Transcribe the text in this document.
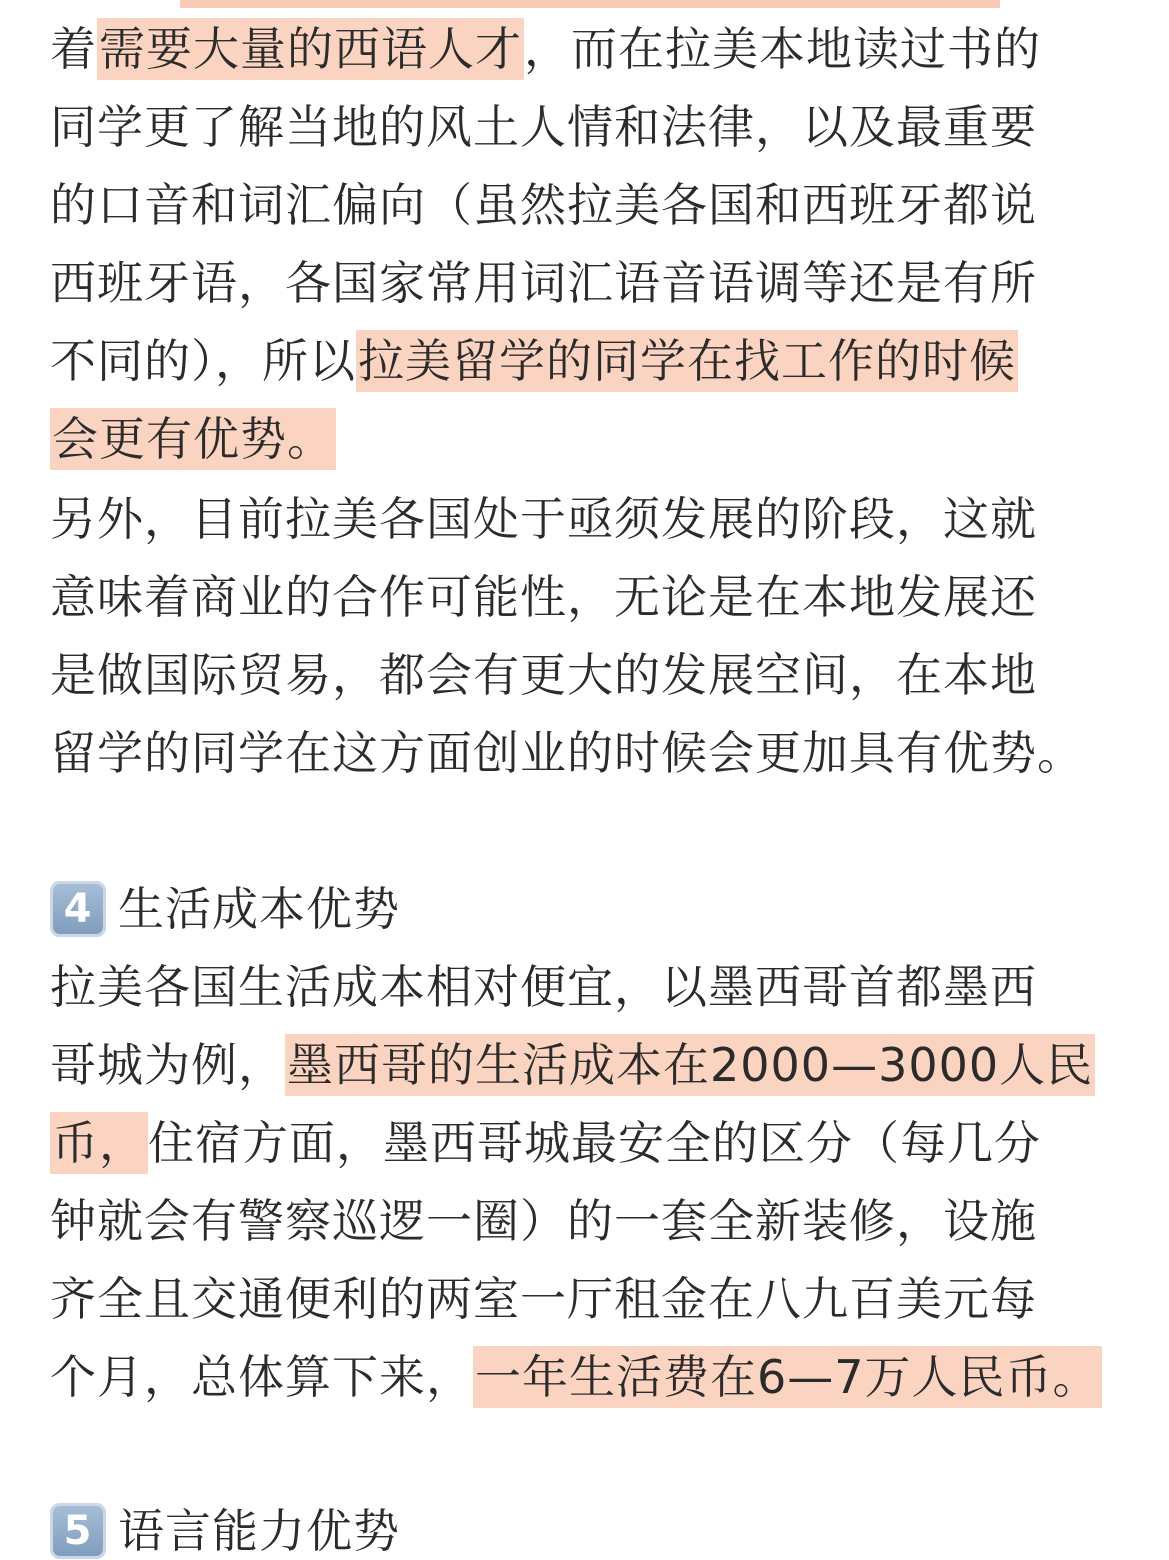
着需要大量的西语人才，而在拉美本地读过书的
同学更了解当地的风土人情和法律，以及最重要
的口音和词汇偏向（虽然拉美各国和西班牙都说
西班牙语，各国家常用词汇语音语调等还是有所
不同的），所以拉美留学的同学在找工作的时候
会更有优势。
另外，目前拉美各国处于亟须发展的阶段，这就
意味着商业的合作可能性，无论是在本地发展还
是做国际贸易，都会有更大的发展空间，在本地
留学的同学在这方面创业的时候会更加具有优势。
4 生活成本优势
拉美各国生活成本相对便宜，以墨西哥首都墨西
哥城为例，墨西哥的生活成本在2000—3000人民
币，住宿方面，墨西哥城最安全的区分（每几分
钟就会有警察巡逻一圈）的一套全新装修，设施
齐全且交通便利的两室一厅租金在八九百美元每
个月，总体算下来，一年生活费在6—7万人民币。
5 语言能力优势
